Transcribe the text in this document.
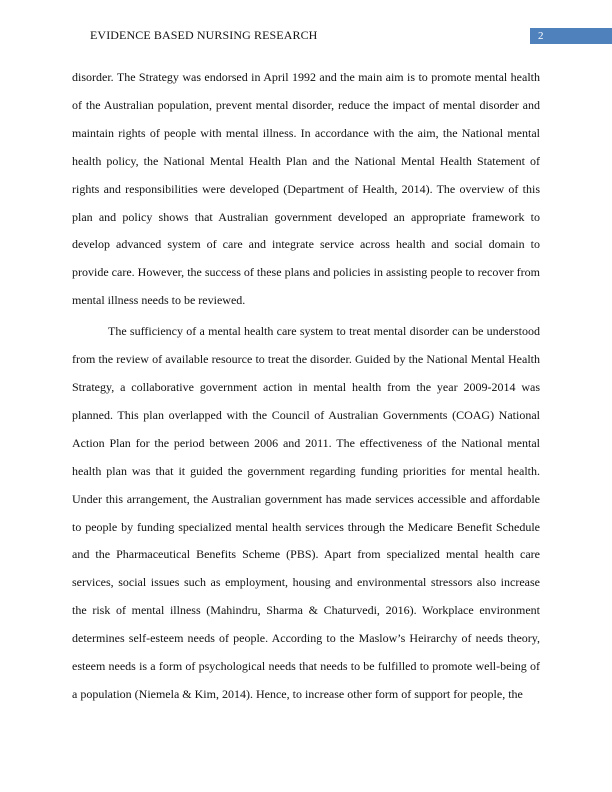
EVIDENCE BASED NURSING RESEARCH	2

disorder. The Strategy was endorsed in April 1992 and the main aim is to promote mental health of the Australian population, prevent mental disorder, reduce the impact of mental disorder and maintain rights of people with mental illness. In accordance with the aim, the National mental health policy, the National Mental Health Plan and the National Mental Health Statement of rights and responsibilities were developed (Department of Health, 2014). The overview of this plan and policy shows that Australian government developed an appropriate framework to develop advanced system of care and integrate service across health and social domain to provide care. However, the success of these plans and policies in assisting people to recover from mental illness needs to be reviewed.

The sufficiency of a mental health care system to treat mental disorder can be understood from the review of available resource to treat the disorder. Guided by the National Mental Health Strategy, a collaborative government action in mental health from the year 2009-2014 was planned. This plan overlapped with the Council of Australian Governments (COAG) National Action Plan for the period between 2006 and 2011. The effectiveness of the National mental health plan was that it guided the government regarding funding priorities for mental health. Under this arrangement, the Australian government has made services accessible and affordable to people by funding specialized mental health services through the Medicare Benefit Schedule and the Pharmaceutical Benefits Scheme (PBS). Apart from specialized mental health care services, social issues such as employment, housing and environmental stressors also increase the risk of mental illness (Mahindru, Sharma & Chaturvedi, 2016). Workplace environment determines self-esteem needs of people. According to the Maslow’s Heirarchy of needs theory, esteem needs is a form of psychological needs that needs to be fulfilled to promote well-being of a population (Niemela & Kim, 2014). Hence, to increase other form of support for people, the
